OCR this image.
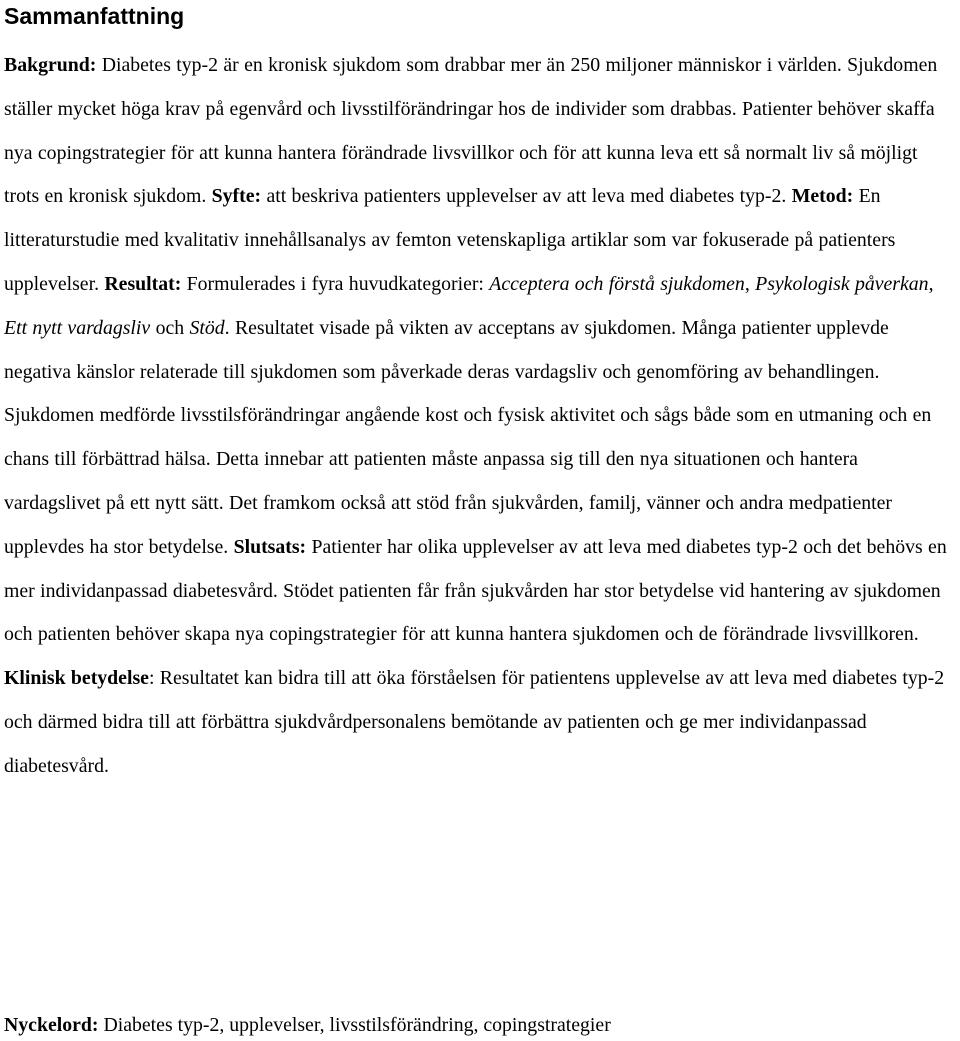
Sammanfattning

Bakgrund: Diabetes typ-2 är en kronisk sjukdom som drabbar mer än 250 miljoner människor i världen. Sjukdomen ställer mycket höga krav på egenvård och livsstilförändringar hos de individer som drabbas. Patienter behöver skaffa nya copingstrategier för att kunna hantera förändrade livsvillkor och för att kunna leva ett så normalt liv så möjligt trots en kronisk sjukdom. Syfte: att beskriva patienters upplevelser av att leva med diabetes typ-2. Metod: En litteraturstudie med kvalitativ innehållsanalys av femton vetenskapliga artiklar som var fokuserade på patienters upplevelser. Resultat: Formulerades i fyra huvudkategorier: Acceptera och förstå sjukdomen, Psykologisk påverkan, Ett nytt vardagsliv och Stöd. Resultatet visade på vikten av acceptans av sjukdomen. Många patienter upplevde negativa känslor relaterade till sjukdomen som påverkade deras vardagsliv och genomföring av behandlingen. Sjukdomen medförde livsstilsförändringar angående kost och fysisk aktivitet och sågs både som en utmaning och en chans till förbättrad hälsa. Detta innebar att patienten måste anpassa sig till den nya situationen och hantera vardagslivet på ett nytt sätt. Det framkom också att stöd från sjukvården, familj, vänner och andra medpatienter upplevdes ha stor betydelse. Slutsats: Patienter har olika upplevelser av att leva med diabetes typ-2 och det behövs en mer individanpassad diabetesvård. Stödet patienten får från sjukvården har stor betydelse vid hantering av sjukdomen och patienten behöver skapa nya copingstrategier för att kunna hantera sjukdomen och de förändrade livsvillkoren. Klinisk betydelse: Resultatet kan bidra till att öka förståelsen för patientens upplevelse av att leva med diabetes typ-2 och därmed bidra till att förbättra sjukdvårdpersonalens bemötande av patienten och ge mer individanpassad diabetesvård.

Nyckelord: Diabetes typ-2, upplevelser, livsstilsförändring, copingstrategier
